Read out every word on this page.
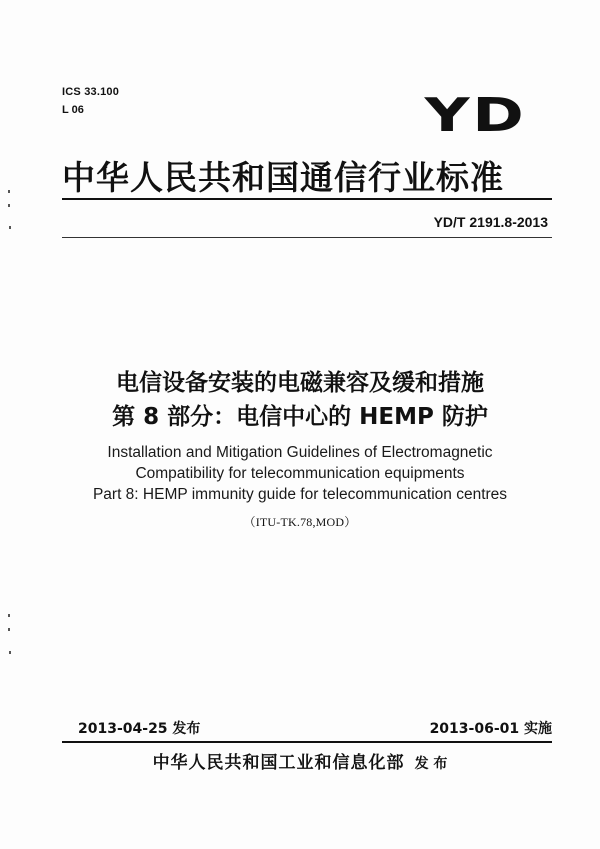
ICS 33.100
L 06	YD
中华人民共和国通信行业标准
YD/T 2191.8-2013
电信设备安装的电磁兼容及缓和措施
第 8 部分：电信中心的 HEMP 防护
Installation and Mitigation Guidelines of Electromagnetic
Compatibility for telecommunication equipments
Part 8: HEMP immunity guide for telecommunication centres
（ITU-TK.78,MOD）
2013-04-25 发布	2013-06-01 实施
中华人民共和国工业和信息化部 发 布
